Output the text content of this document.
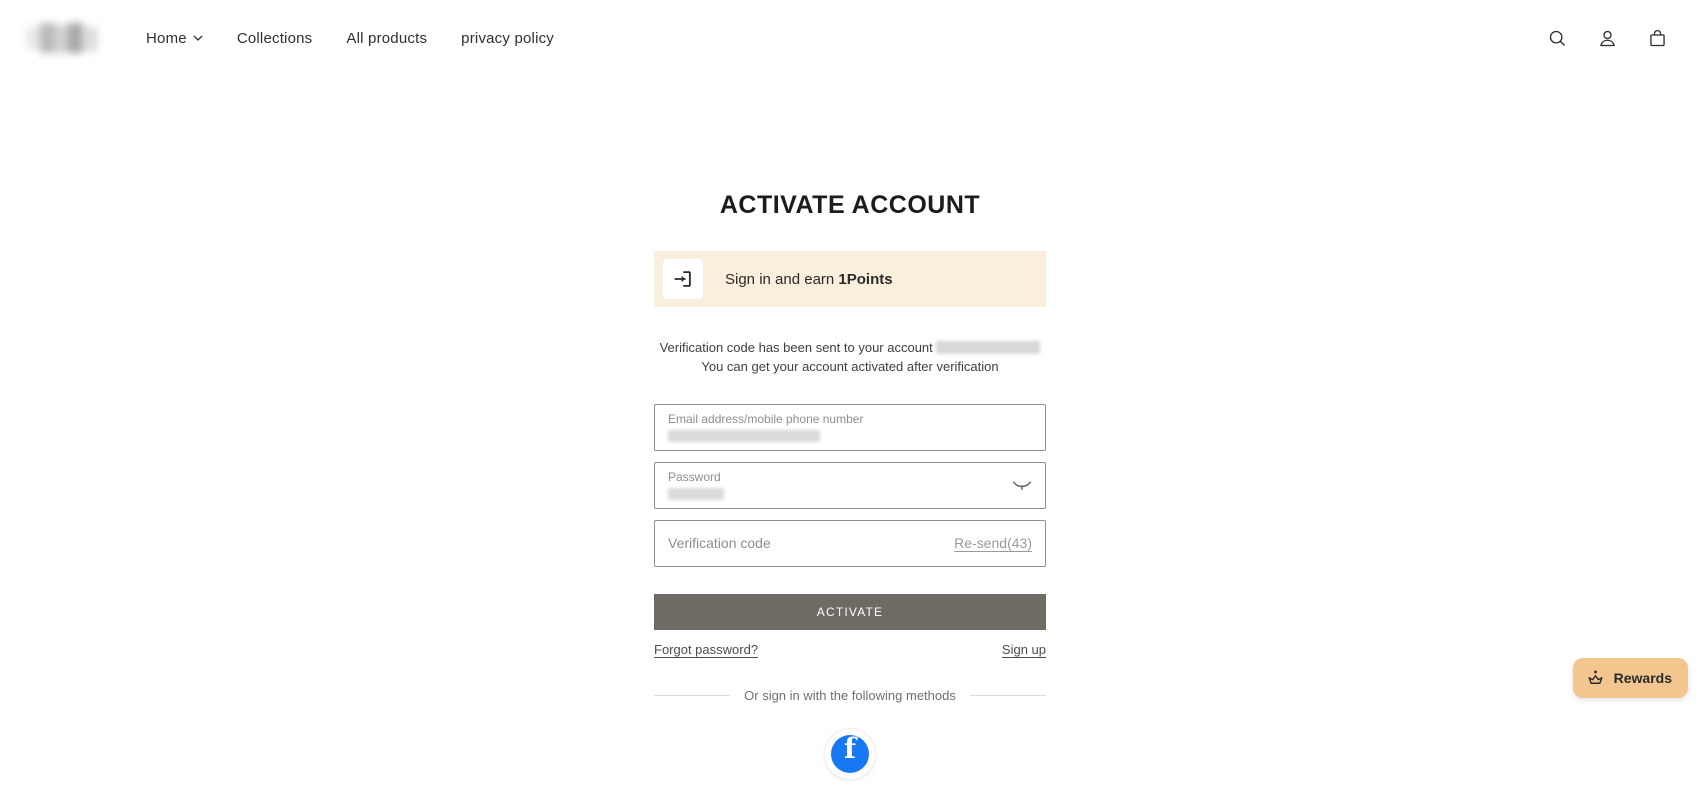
Home	Collections All products privacy policy
ACTIVATE ACCOUNT
Sign in and earn 1Points

Verification code has been sent to your account  You can get your account activated after verification

Email address/mobile phone number
Password
Verification code	Re-send(43)
ACTIVATE
Forgot password?	Sign up
Or sign in with the following methods
f
Rewards
